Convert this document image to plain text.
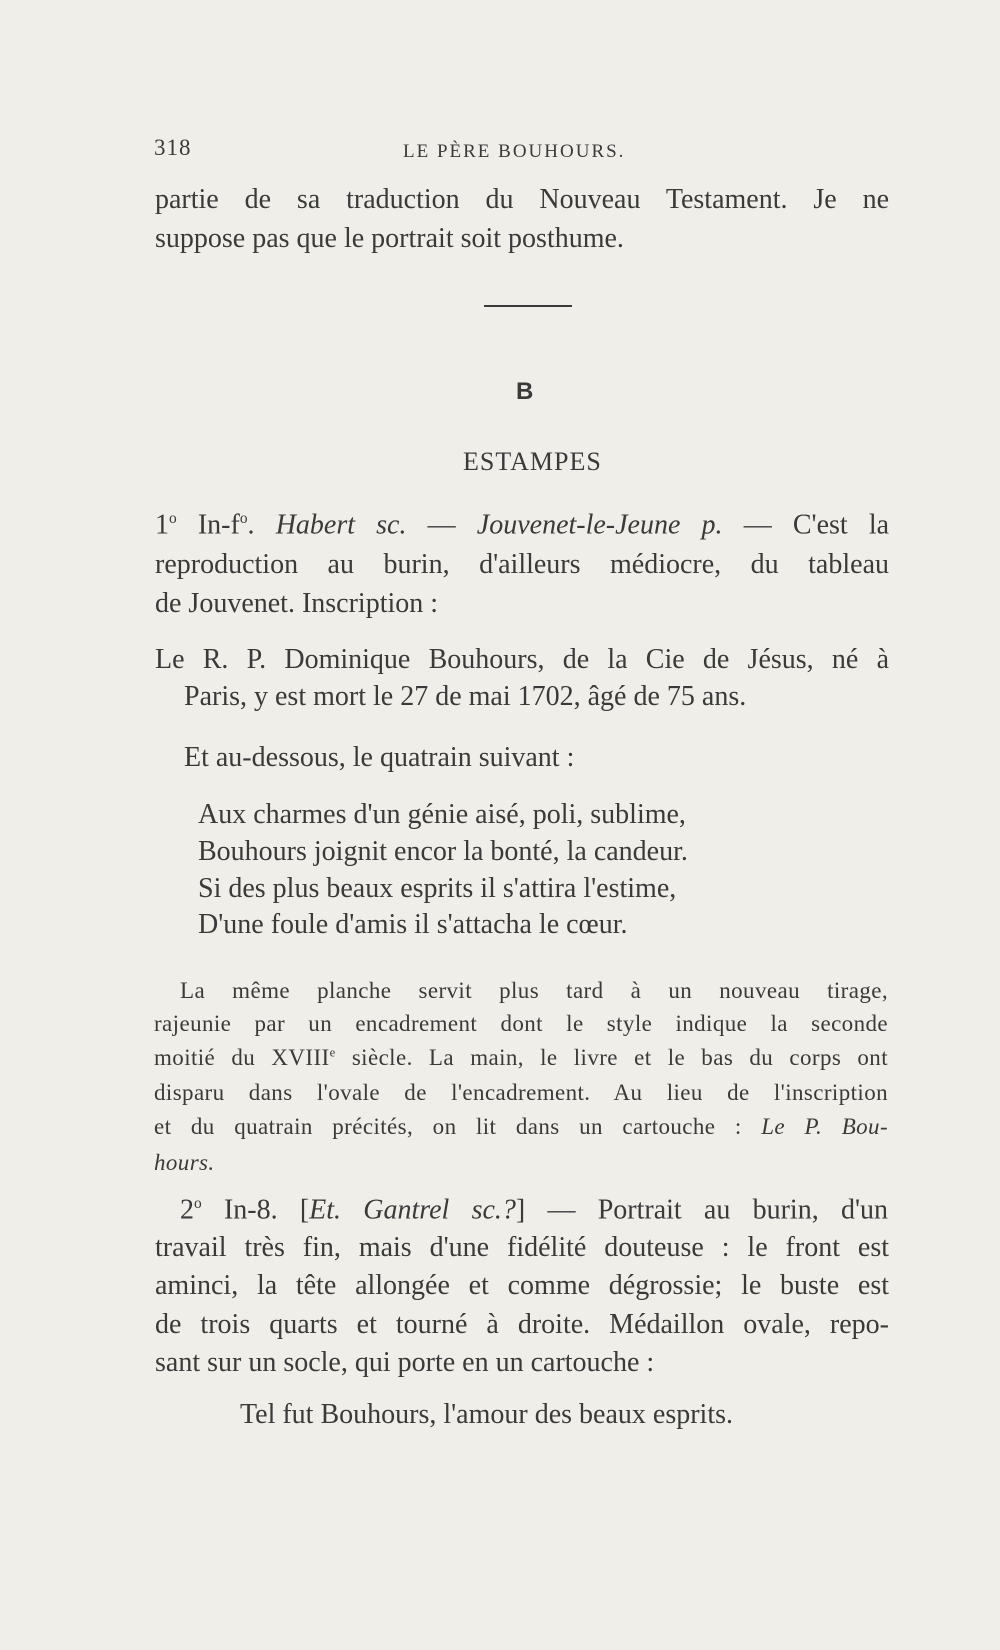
318	LE PÈRE BOUHOURS.
partie de sa traduction du Nouveau Testament. Je ne
suppose pas que le portrait soit posthume.
B
ESTAMPES
1$^o$ $In-f^o$. Habert sc. — Jouvenet-le-Jeune p. — C'est la
reproduction au burin, d'ailleurs médiocre, du tableau
de Jouvenet. Inscription :
Le R. P. Dominique Bouhours, de la Cie de Jésus, né à
Paris, y est mort le 27 de mai 1702, âgé de 75 ans.
Et au-dessous, le quatrain suivant :
Aux charmes d'un génie aisé, poli, sublime,
Bouhours joignit encor la bonté, la candeur.
Si des plus beaux esprits il s'attira l'estime,
D'une foule d'amis il s'attacha le cœur.
La même planche servit plus tard à un nouveau tirage,
rajeunie par un encadrement dont le style indique la seconde
moitié du XVIIIe siècle. La main, le livre et le bas du corps ont
disparu dans l'ovale de l'encadrement. Au lieu de l'inscription
et du quatrain précités, on lit dans un cartouche : Le P. Bou-
hours.
2$^o$ In-8. [Et. Gantrel sc.?] — Portrait au burin, d'un
travail très fin, mais d'une fidélité douteuse : le front est
aminci, la tête allongée et comme dégrossie; le buste est
de trois quarts et tourné à droite. Médaillon ovale, repo-
sant sur un socle, qui porte en un cartouche :
Tel fut Bouhours, l'amour des beaux esprits.
